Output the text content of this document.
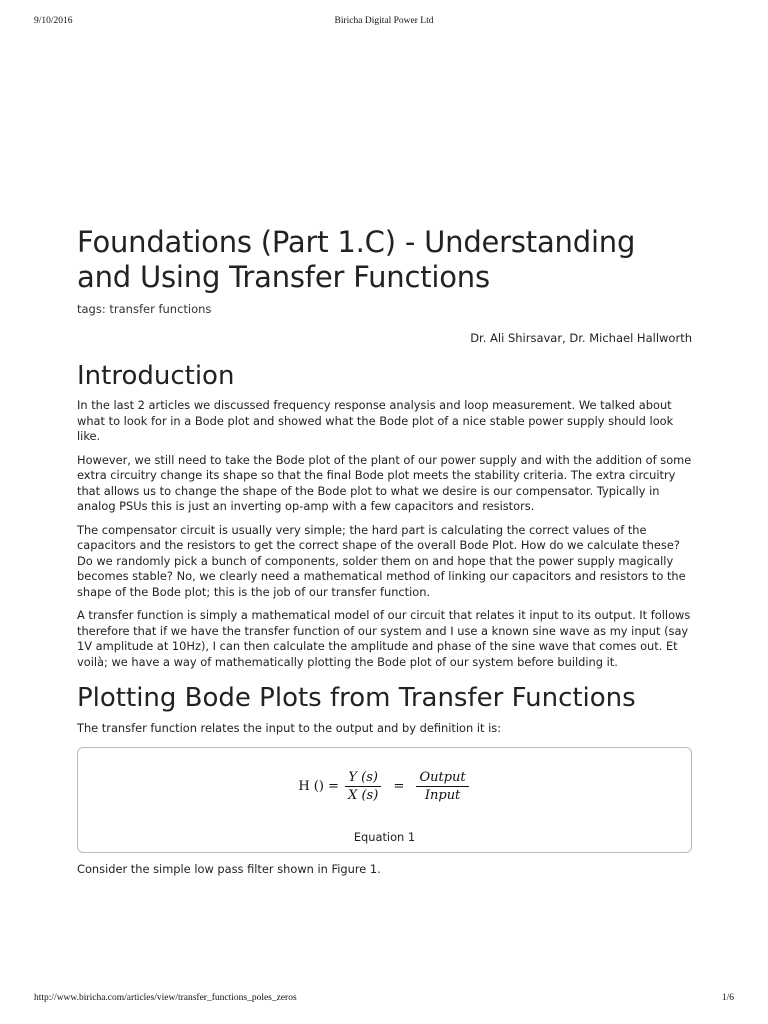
9/10/2016	Biricha Digital Power Ltd
Foundations (Part 1.C) - Understanding and Using Transfer Functions
tags: transfer functions
Dr. Ali Shirsavar, Dr. Michael Hallworth
Introduction

In the last 2 articles we discussed frequency response analysis and loop measurement. We talked about what to look for in a Bode plot and showed what the Bode plot of a nice stable power supply should look like.

However, we still need to take the Bode plot of the plant of our power supply and with the addition of some extra circuitry change its shape so that the final Bode plot meets the stability criteria. The extra circuitry that allows us to change the shape of the Bode plot to what we desire is our compensator. Typically in analog PSUs this is just an inverting op-amp with a few capacitors and resistors.

The compensator circuit is usually very simple; the hard part is calculating the correct values of the capacitors and the resistors to get the correct shape of the overall Bode Plot. How do we calculate these? Do we randomly pick a bunch of components, solder them on and hope that the power supply magically becomes stable? No, we clearly need a mathematical method of linking our capacitors and resistors to the shape of the Bode plot; this is the job of our transfer function.

A transfer function is simply a mathematical model of our circuit that relates it input to its output. It follows therefore that if we have the transfer function of our system and I use a known sine wave as my input (say 1V amplitude at 10Hz), I can then calculate the amplitude and phase of the sine wave that comes out. Et voilà; we have a way of mathematically plotting the Bode plot of our system before building it.

Plotting Bode Plots from Transfer Functions

The transfer function relates the input to the output and by definition it is:

H () = $\frac{Y (s)}{X (s)} = \frac{\text{Output}}{\text{Input}}$
Equation 1

Consider the simple low pass filter shown in Figure 1.

http://www.biricha.com/articles/view/transfer_functions_poles_zeros	1/6
